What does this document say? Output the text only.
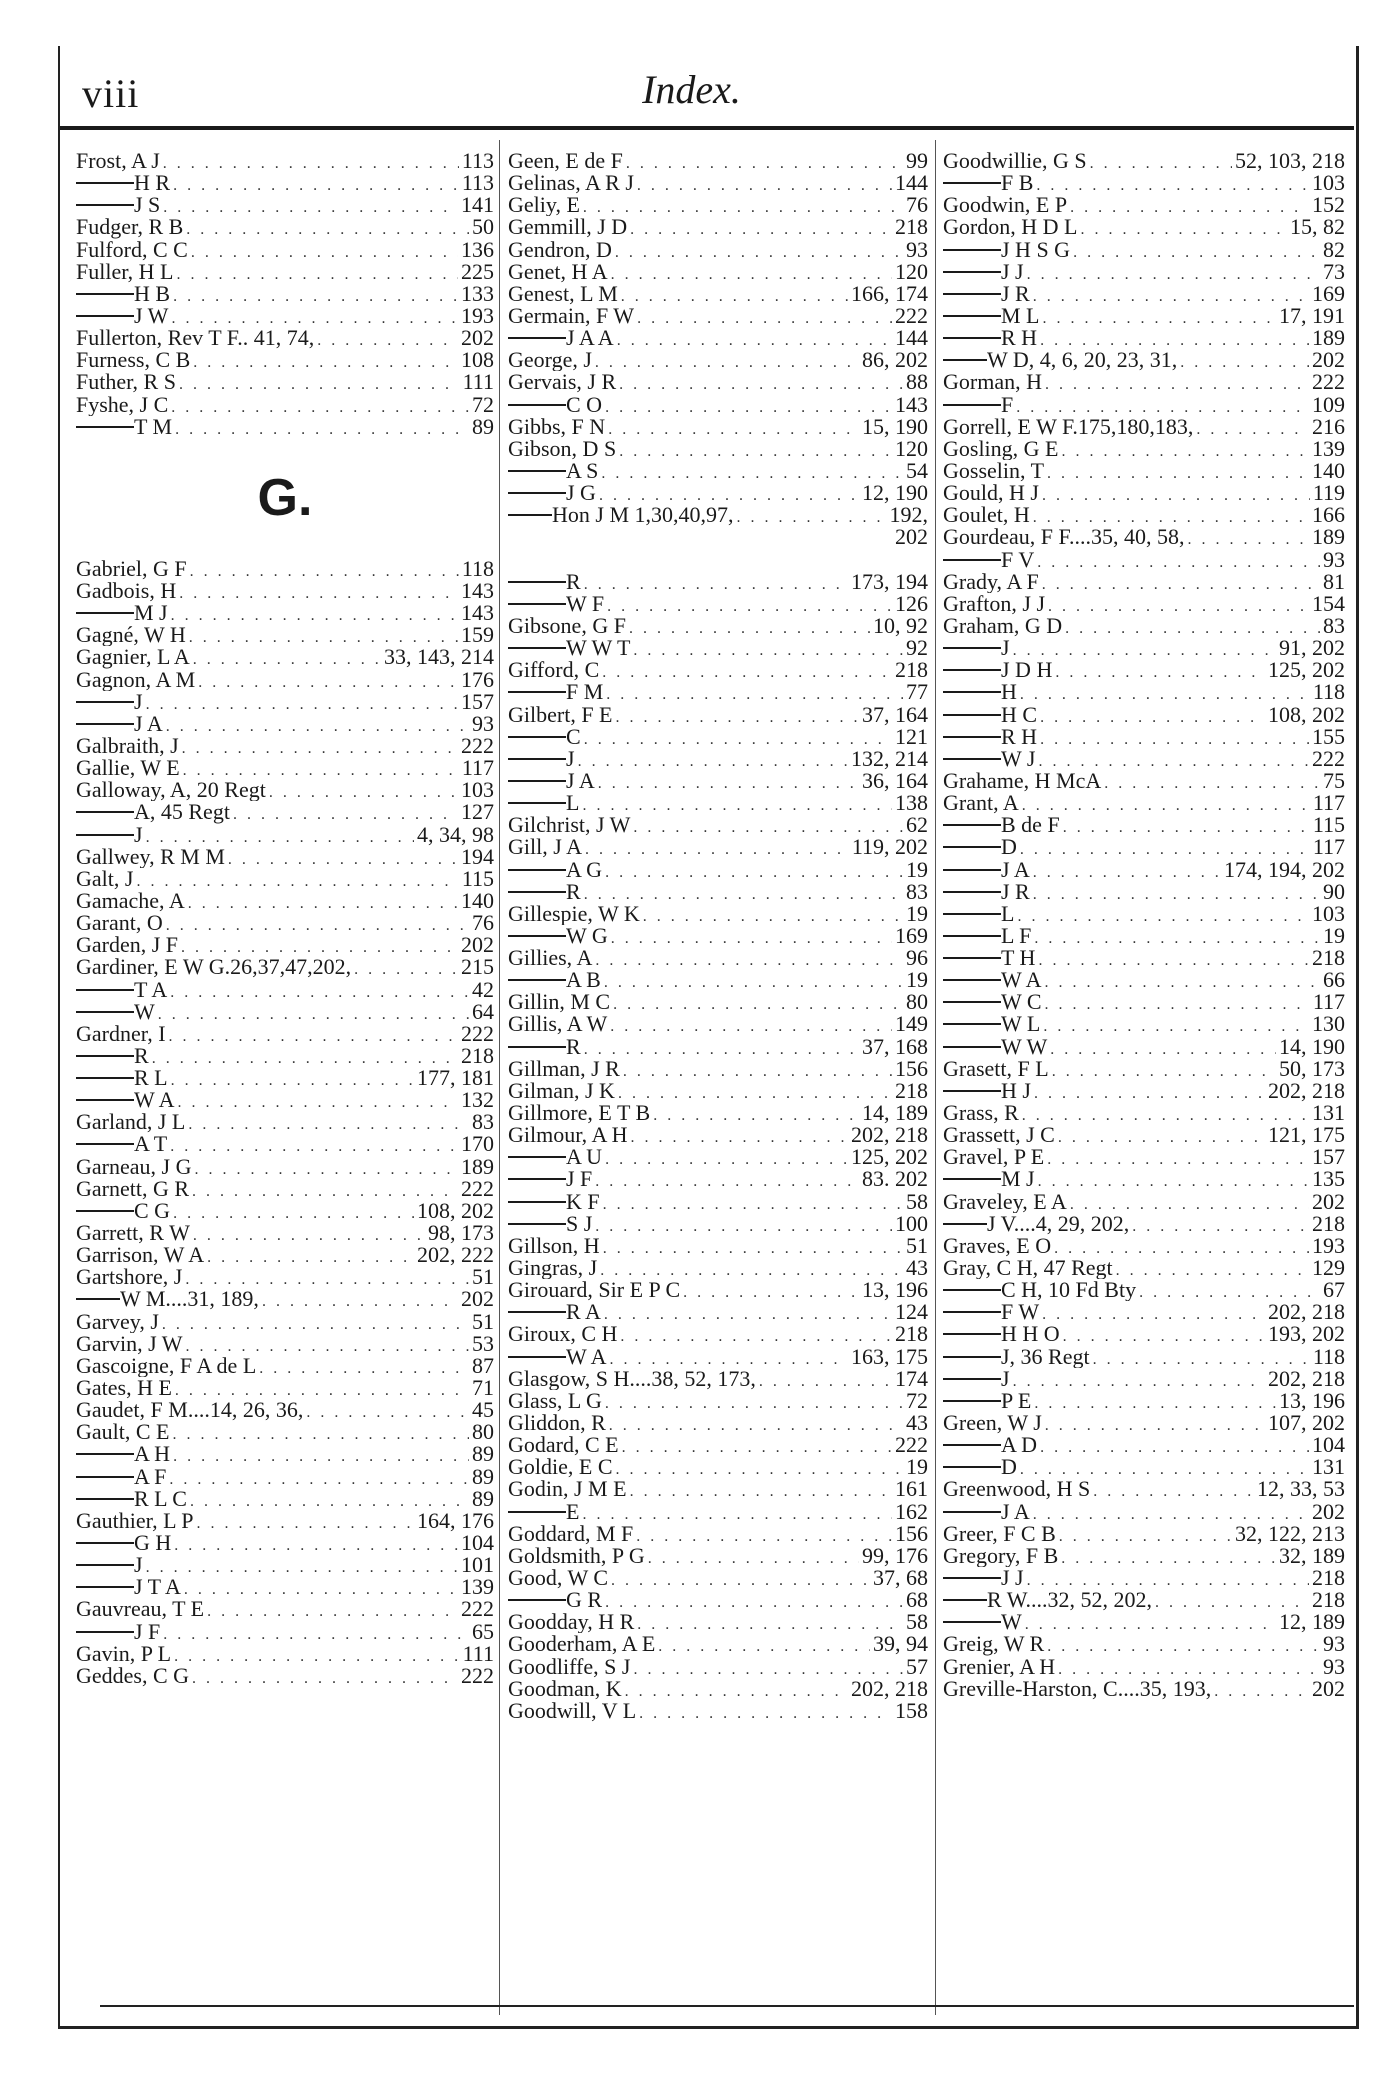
viii	Index.
Frost, A J . . .	113
H R . . .	113
J S . . .	141
Fudger, R B . . .	50
Fulford, C C . . .	136
Fuller, H L . . .	225
H B . . .	133
J W . . .	193
Fullerton, Rev T F.. 41, 74, . . .	202
Furness, C B . . .	108
Futher, R S . . .	111
Fyshe, J C . . .	72
T M . . .	89
G.
Gabriel, G F . . .	118
Gadbois, H . . .	143
M J . . .	143
Gagné, W H . . .	159
Gagnier, L A . . .	33, 143, 214
Gagnon, A M . . .	176
J . . .	157
J A . . .	93
Galbraith, J . . .	222
Gallie, W E . . .	117
Galloway, A, 20 Regt . . .	103
A, 45 Regt . . .	127
J . . .	4, 34, 98
Gallwey, R M M . . .	194
Galt, J . . .	115
Gamache, A . . .	140
Garant, O . . .	76
Garden, J F . . .	202
Gardiner, E W G.26,37,47,202, . . .	215
T A . . .	42
W . . .	64
Gardner, I . . .	222
R . . .	218
R L . . .	177, 181
W A . . .	132
Garland, J L . . .	83
A T . . .	170
Garneau, J G . . .	189
Garnett, G R . . .	222
C G . . .	108, 202
Garrett, R W . . .	98, 173
Garrison, W A . . .	202, 222
Gartshore, J . . .	51
W M....31, 189, . . .	202
Garvey, J . . .	51
Garvin, J W . . .	53
Gascoigne, F A de L . . .	87
Gates, H E . . .	71
Gaudet, F M....14, 26, 36, . . .	45
Gault, C E . . .	80
A H . . .	89
A F . . .	89
R L C . . .	89
Gauthier, L P . . .	164, 176
G H . . .	104
J . . .	101
J T A . . .	139
Gauvreau, T E . . .	222
J F . . .	65
Gavin, P L . . .	111
Geddes, C G . . .	222
Geen, E de F . . .	99
Gelinas, A R J . . .	144
Geliy, E . . .	76
Gemmill, J D . . .	218
Gendron, D . . .	93
Genet, H A . . .	120
Genest, L M . . .	166, 174
Germain, F W . . .	222
J A A . . .	144
George, J . . .	86, 202
Gervais, J R . . .	88
C O . . .	143
Gibbs, F N . . .	15, 190
Gibson, D S . . .	120
A S . . .	54
J G . . .	12, 190
Hon J M 1,30,40,97, . . .	192,
202
R . . .	173, 194
W F . . .	126
Gibsone, G F . . .	10, 92
W W T . . .	92
Gifford, C . . .	218
F M . . .	77
Gilbert, F E . . .	37, 164
C . . .	121
J . . .	132, 214
J A . . .	36, 164
L . . .	138
Gilchrist, J W . . .	62
Gill, J A . . .	119, 202
A G . . .	19
R . . .	83
Gillespie, W K . . .	19
W G . . .	169
Gillies, A . . .	96
A B . . .	19
Gillin, M C . . .	80
Gillis, A W . . .	149
R . . .	37, 168
Gillman, J R . . .	156
Gilman, J K . . .	218
Gillmore, E T B . . .	14, 189
Gilmour, A H . . .	202, 218
A U . . .	125, 202
J F . . .	83. 202
K F . . .	58
S J . . .	100
Gillson, H . . .	51
Gingras, J . . .	43
Girouard, Sir E P C . . .	13, 196
R A . . .	124
Giroux, C H . . .	218
W A . . .	163, 175
Glasgow, S H....38, 52, 173, . . .	174
Glass, L G . . .	72
Gliddon, R . . .	43
Godard, C E . . .	222
Goldie, E C . . .	19
Godin, J M E . . .	161
E . . .	162
Goddard, M F . . .	156
Goldsmith, P G . . .	99, 176
Good, W C . . .	37, 68
G R . . .	68
Goodday, H R . . .	58
Gooderham, A E . . .	39, 94
Goodliffe, S J . . .	57
Goodman, K . . .	202, 218
Goodwill, V L . . .	158
Goodwillie, G S . . .	52, 103, 218
F B . . .	103
Goodwin, E P . . .	152
Gordon, H D L . . .	15, 82
J H S G . . .	82
J J . . .	73
J R . . .	169
M L . . .	17, 191
R H . . .	189
W D, 4, 6, 20, 23, 31, . . .	202
Gorman, H . . .	222
F . . .	109
Gorrell, E W F.175,180,183, . . .	216
Gosling, G E . . .	139
Gosselin, T . . .	140
Gould, H J . . .	119
Goulet, H . . .	166
Gourdeau, F F....35, 40, 58, . . .	189
F V . . .	93
Grady, A F . . .	81
Grafton, J J . . .	154
Graham, G D . . .	83
J . . .	91, 202
J D H . . .	125, 202
H . . .	118
H C . . .	108, 202
R H . . .	155
W J . . .	222
Grahame, H McA . . .	75
Grant, A . . .	117
B de F . . .	115
D . . .	117
J A . . .	174, 194, 202
J R . . .	90
L . . .	103
L F . . .	19
T H . . .	218
W A . . .	66
W C . . .	117
W L . . .	130
W W . . .	14, 190
Grasett, F L . . .	50, 173
H J . . .	202, 218
Grass, R . . .	131
Grassett, J C . . .	121, 175
Gravel, P E . . .	157
M J . . .	135
Graveley, E A . . .	202
J V....4, 29, 202, . . .	218
Graves, E O . . .	193
Gray, C H, 47 Regt . . .	129
C H, 10 Fd Bty . . .	67
F W . . .	202, 218
H H O . . .	193, 202
J, 36 Regt . . .	118
J . . .	202, 218
P E . . .	13, 196
Green, W J . . .	107, 202
A D . . .	104
D . . .	131
Greenwood, H S . . .	12, 33, 53
J A . . .	202
Greer, F C B . . .	32, 122, 213
Gregory, F B . . .	32, 189
J J . . .	218
R W....32, 52, 202, . . .	218
W . . .	12, 189
Greig, W R . . .	93
Grenier, A H . . .	93
Greville-Harston, C....35, 193, . . .	202
